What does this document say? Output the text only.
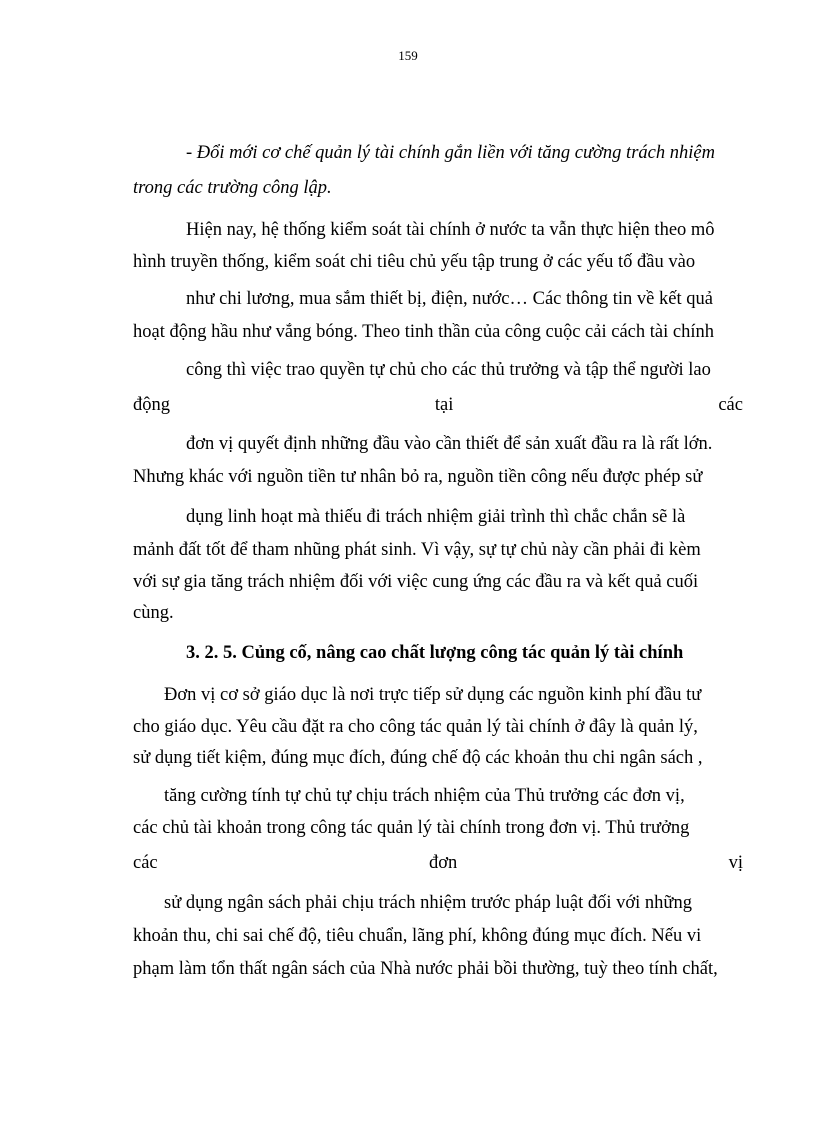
159
- Đổi mới cơ chế quản lý tài chính gắn liền với tăng cường trách nhiệm
trong các trường công lập.
Hiện nay, hệ thống kiểm soát tài chính ở nước ta vẫn thực hiện theo mô
hình truyền thống, kiểm soát chi tiêu chủ yếu tập trung ở các yếu tố đầu vào
như chi lương, mua sắm thiết bị, điện, nước… Các thông tin về kết quả
hoạt động hầu như vắng bóng. Theo tinh thần của công cuộc cải cách tài chính
công thì việc trao quyền tự chủ cho các thủ trưởng và tập thể người lao
động	tại	các
đơn vị quyết định những đầu vào cần thiết để sản xuất đầu ra là rất lớn.
Nhưng khác với nguồn tiền tư nhân bỏ ra, nguồn tiền công nếu được phép sử
dụng linh hoạt mà thiếu đi trách nhiệm giải trình thì chắc chắn sẽ là
mảnh đất tốt để tham nhũng phát sinh. Vì vậy, sự tự chủ này cần phải đi kèm
với sự gia tăng trách nhiệm đối với việc cung ứng các đầu ra và kết quả cuối
cùng.
3. 2. 5. Củng cố, nâng cao chất lượng công tác quản lý tài chính
Đơn vị cơ sở giáo dục là nơi trực tiếp sử dụng các nguồn kinh phí đầu tư
cho giáo dục. Yêu cầu đặt ra cho công tác quản lý tài chính ở đây là quản lý,
sử dụng tiết kiệm, đúng mục đích, đúng chế độ các khoản thu chi ngân sách ,
tăng cường tính tự chủ tự chịu trách nhiệm của Thủ trưởng các đơn vị,
các chủ tài khoản trong công tác quản lý tài chính trong đơn vị. Thủ trưởng
các	đơn	vị
sử dụng ngân sách phải chịu trách nhiệm trước pháp luật đối với những
khoản thu, chi sai chế độ, tiêu chuẩn, lãng phí, không đúng mục đích. Nếu vi
phạm làm tổn thất ngân sách của Nhà nước phải bồi thường, tuỳ theo tính chất,
